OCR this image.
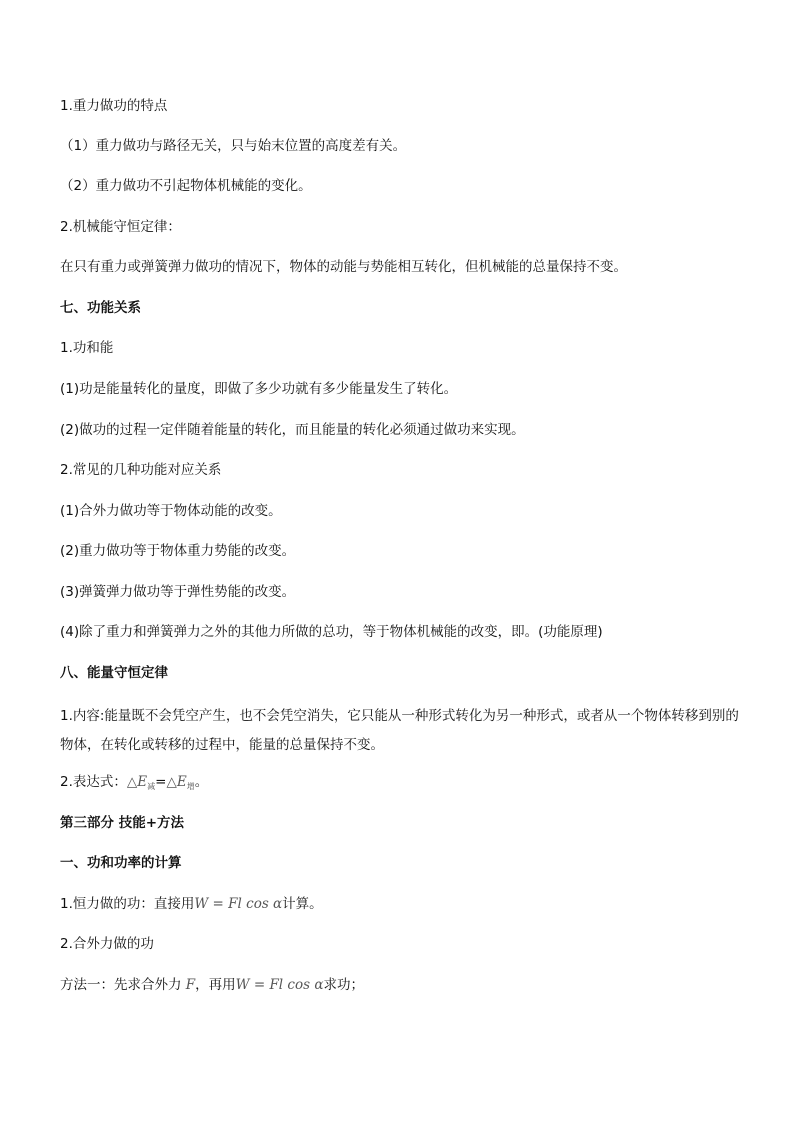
1.重力做功的特点
（1）重力做功与路径无关，只与始末位置的高度差有关。
（2）重力做功不引起物体机械能的变化。
2.机械能守恒定律：
在只有重力或弹簧弹力做功的情况下，物体的动能与势能相互转化，但机械能的总量保持不变。
七、功能关系
1.功和能
(1)功是能量转化的量度，即做了多少功就有多少能量发生了转化。
(2)做功的过程一定伴随着能量的转化，而且能量的转化必须通过做功来实现。
2.常见的几种功能对应关系
(1)合外力做功等于物体动能的改变。
(2)重力做功等于物体重力势能的改变。
(3)弹簧弹力做功等于弹性势能的改变。
(4)除了重力和弹簧弹力之外的其他力所做的总功，等于物体机械能的改变，即。(功能原理)
八、能量守恒定律
1.内容:能量既不会凭空产生，也不会凭空消失，它只能从一种形式转化为另一种形式，或者从一个物体转移到别的物体，在转化或转移的过程中，能量的总量保持不变。
2.表达式：$\triangle E_减=\triangle E_增$。
第三部分 技能+方法
一、功和功率的计算
1.恒力做的功：直接用W = Fl cos α计算。
2.合外力做的功
方法一：先求合外力 F，再用W = Fl cos α求功；
